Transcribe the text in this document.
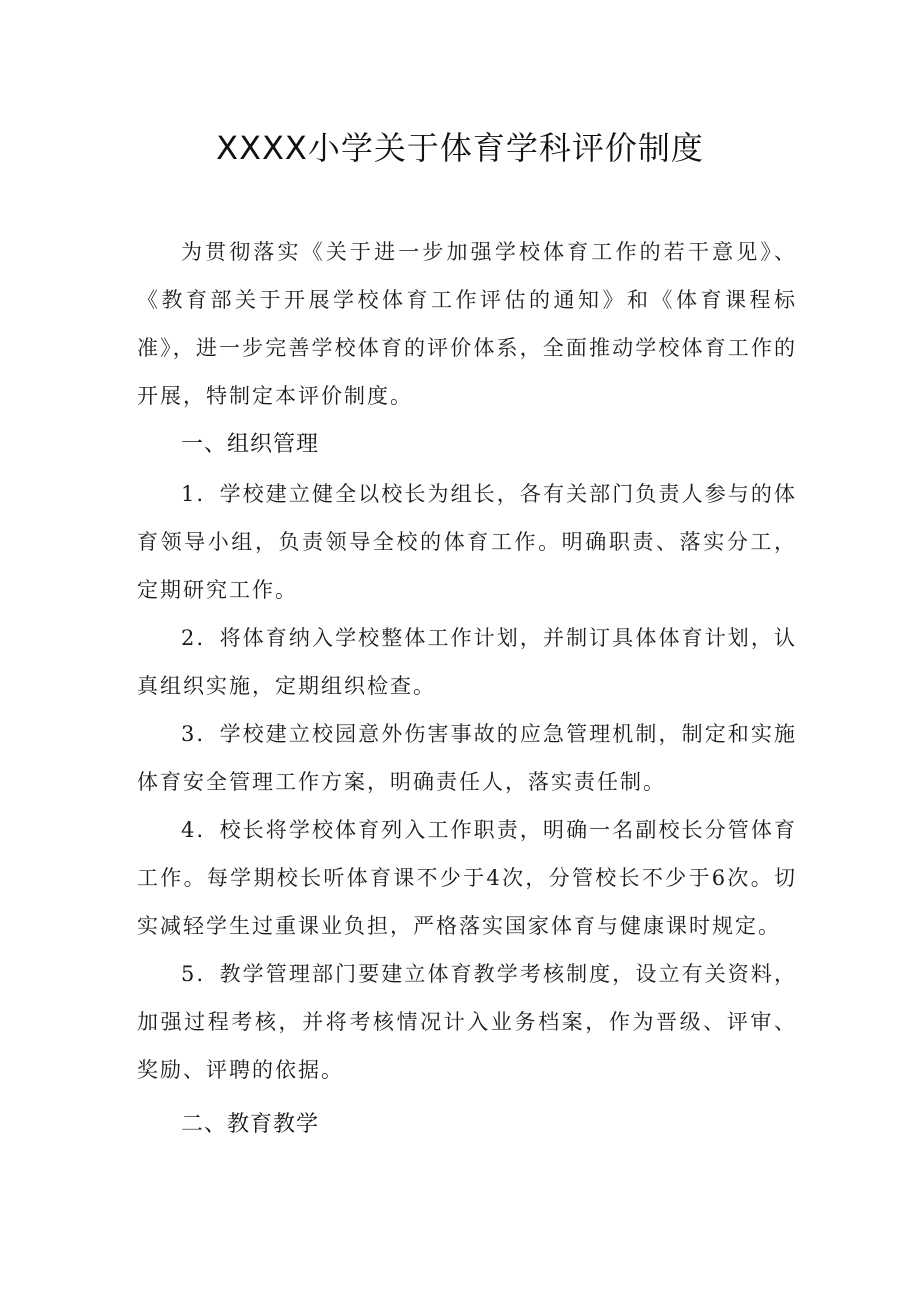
XXXX小学关于体育学科评价制度

为贯彻落实《关于进一步加强学校体育工作的若干意见》、《教育部关于开展学校体育工作评估的通知》和《体育课程标准》，进一步完善学校体育的评价体系，全面推动学校体育工作的开展，特制定本评价制度。

一、组织管理

1．学校建立健全以校长为组长，各有关部门负责人参与的体育领导小组，负责领导全校的体育工作。明确职责、落实分工，定期研究工作。

2．将体育纳入学校整体工作计划，并制订具体体育计划，认真组织实施，定期组织检查。

3．学校建立校园意外伤害事故的应急管理机制，制定和实施体育安全管理工作方案，明确责任人，落实责任制。

4．校长将学校体育列入工作职责，明确一名副校长分管体育工作。每学期校长听体育课不少于4次，分管校长不少于6次。切实减轻学生过重课业负担，严格落实国家体育与健康课时规定。

5．教学管理部门要建立体育教学考核制度，设立有关资料，加强过程考核，并将考核情况计入业务档案，作为晋级、评审、奖励、评聘的依据。

二、教育教学
